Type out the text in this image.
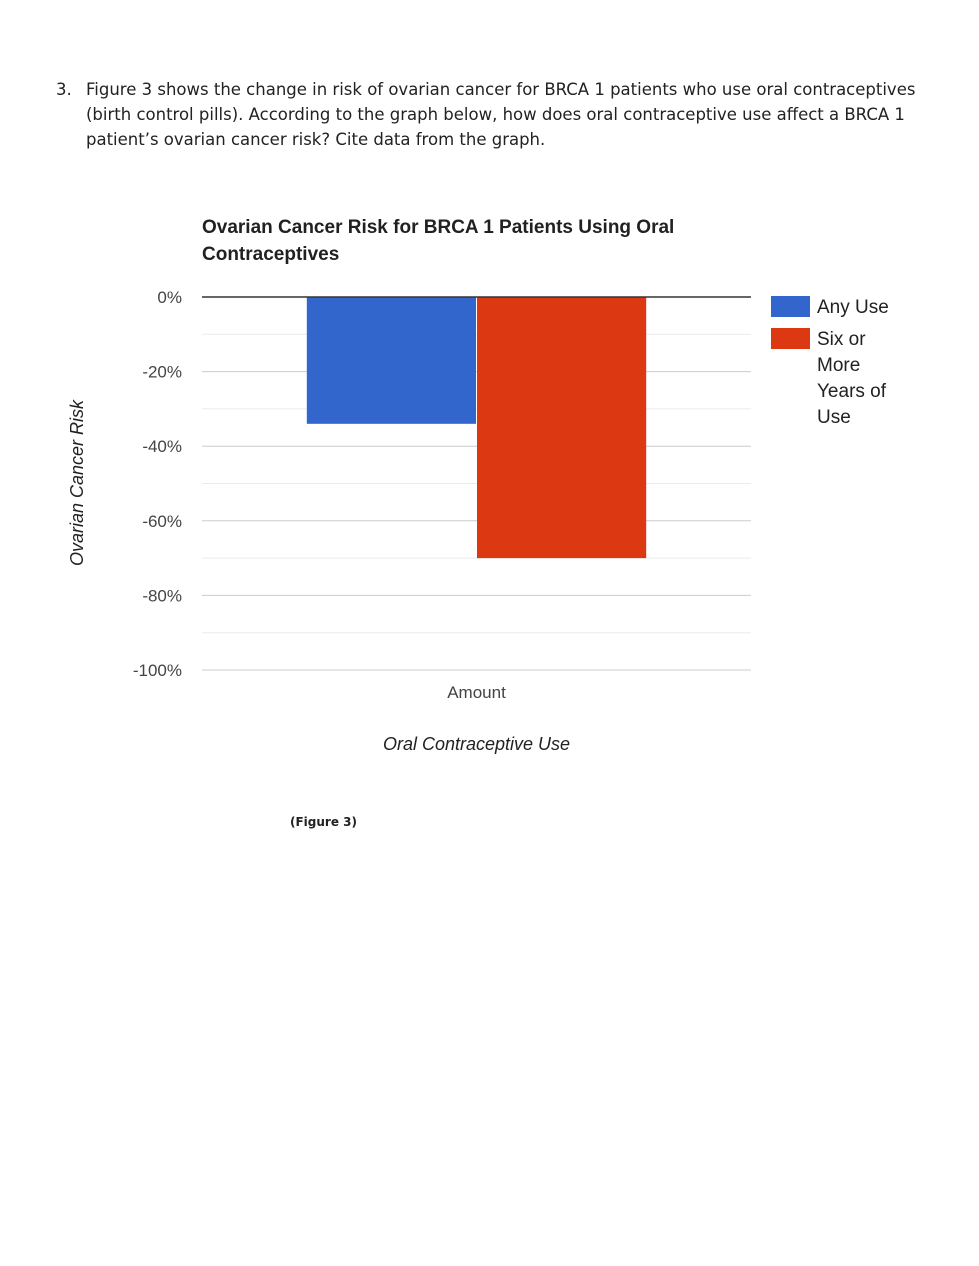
3. Figure 3 shows the change in risk of ovarian cancer for BRCA 1 patients who use oral contraceptives (birth control pills). According to the graph below, how does oral contraceptive use affect a BRCA 1 patient’s ovarian cancer risk? Cite data from the graph.
0%
-20%
-40%
-60%
-80%
-100%
Ovarian Cancer Risk for BRCA 1 Patients Using Oral
Contraceptives
Amount
Oral Contraceptive Use
Ovarian Cancer Risk
Any Use
Six or More Years of Use
(Figure 3)
